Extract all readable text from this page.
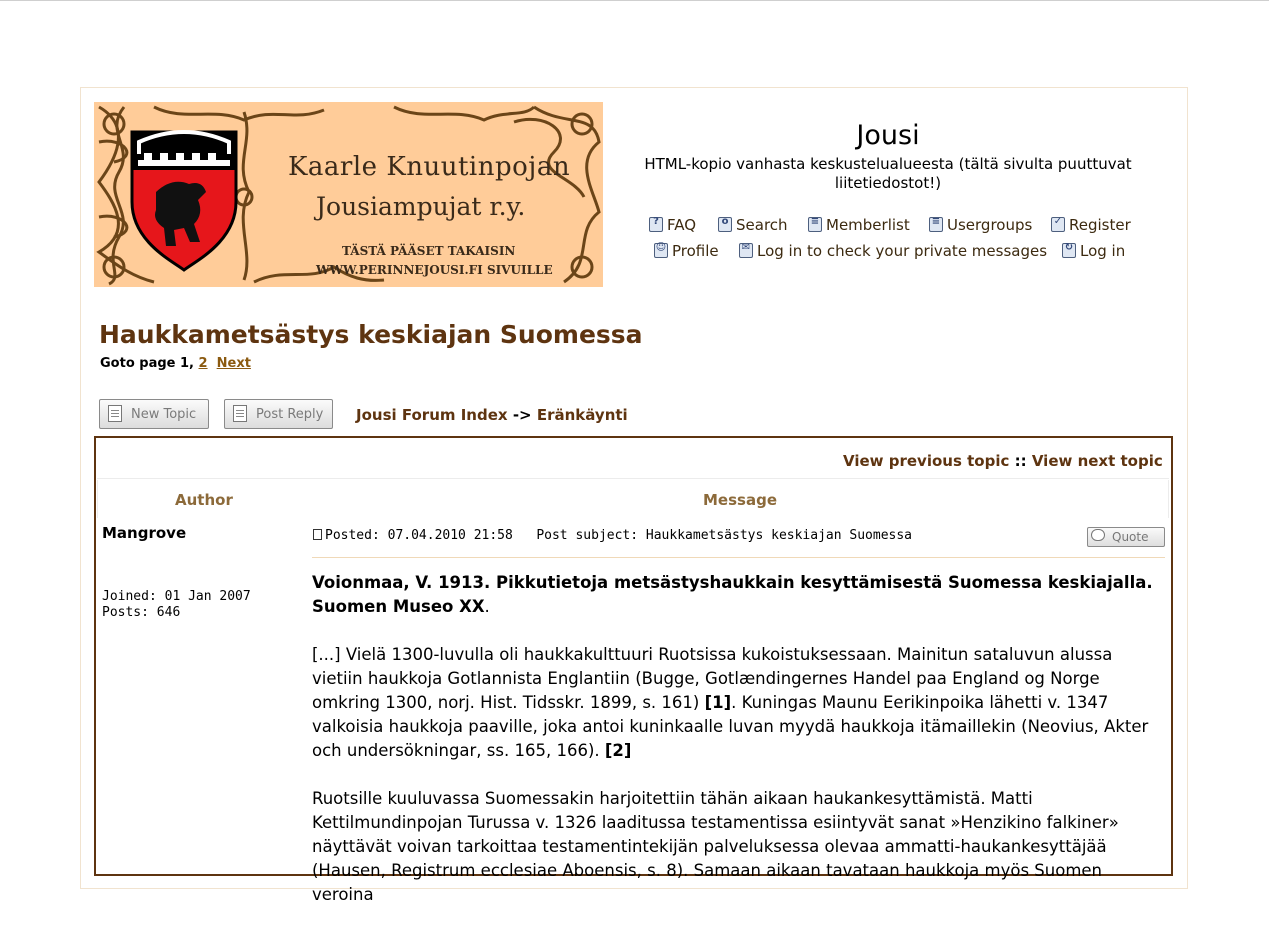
Kaarle Knuutinpojan
Jousiampujat r.y.
TÄSTÄ PÄÄSET TAKAISIN
WWW.PERINNEJOUSI.FI SIVUILLE
Jousi
HTML-kopio vanhasta keskustelualueesta (tältä sivulta puuttuvat liitetiedostot!)
? FAQ	o Search ≡ Memberlist ≡ Usergroups ✓ Register
☺ Profile ✉ Log in to check your private messages ↻ Log in
Haukkametsästys keskiajan Suomessa
Goto page 1, 2 Next
New Topic	Post Reply Jousi Forum Index -> Eränkäynti
View previous topic :: View next topic
Author	Message
Mangrove
Joined: 01 Jan 2007
Posts: 646
Posted: 07.04.2010 21:58 Post subject: Haukkametsästys keskiajan Suomessa	Quote

Voionmaa, V. 1913. Pikkutietoja metsästyshaukkain kesyttämisestä Suomessa keskiajalla. Suomen Museo XX.

[...] Vielä 1300-luvulla oli haukkakulttuuri Ruotsissa kukoistuksessaan. Mainitun sataluvun alussa vietiin haukkoja Gotlannista Englantiin (Bugge, Gotlændingernes Handel paa England og Norge omkring 1300, norj. Hist. Tidsskr. 1899, s. 161) [1]. Kuningas Maunu Eerikinpoika lähetti v. 1347 valkoisia haukkoja paaville, joka antoi kuninkaalle luvan myydä haukkoja itämaillekin (Neovius, Akter och undersökningar, ss. 165, 166). [2]

Ruotsille kuuluvassa Suomessakin harjoitettiin tähän aikaan haukankesyttämistä. Matti Kettilmundinpojan Turussa v. 1326 laaditussa testamentissa esiintyvät sanat »Henzikino falkiner» näyttävät voivan tarkoittaa testamentintekijän palveluksessa olevaa ammatti-haukankesyttäjää (Hausen, Registrum ecclesiae Aboensis, s. 8). Samaan aikaan tavataan haukkoja myös Suomen veroina
